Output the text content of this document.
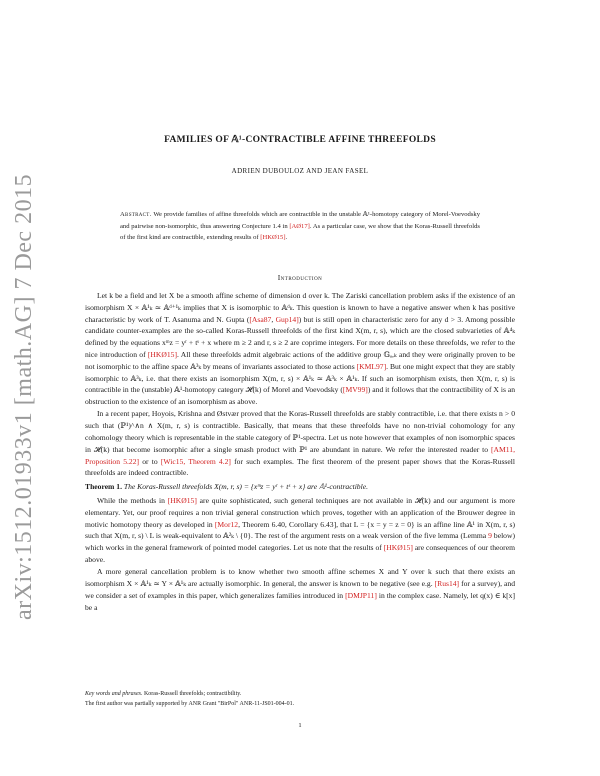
arXiv:1512.01933v1 [math.AG] 7 Dec 2015
FAMILIES OF 𝔸¹-CONTRACTIBLE AFFINE THREEFOLDS
ADRIEN DUBOULOZ AND JEAN FASEL
Abstract. We provide families of affine threefolds which are contractible in the unstable 𝔸¹-homotopy category of Morel-Voevodsky and pairwise non-isomorphic, thus answering Conjecture 1.4 in [AØ17]. As a particular case, we show that the Koras-Russell threefolds of the first kind are contractible, extending results of [HKØ15].
Introduction

Let k be a field and let X be a smooth affine scheme of dimension d over k. The Zariski cancellation problem asks if the existence of an isomorphism X × 𝔸¹ₖ ≃ 𝔸ᵈ⁺¹ₖ implies that X is isomorphic to 𝔸ᵈₖ. This question is known to have a negative answer when k has positive characteristic by work of T. Asanuma and N. Gupta ([Asa87, Gup14]) but is still open in characteristic zero for any d > 3. Among possible candidate counter-examples are the so-called Koras-Russell threefolds of the first kind X(m, r, s), which are the closed subvarieties of 𝔸⁴ₖ defined by the equations xᵐz = yʳ + tˢ + x where m ≥ 2 and r, s ≥ 2 are coprime integers. For more details on these threefolds, we refer to the nice introduction of [HKØ15]. All these threefolds admit algebraic actions of the additive group 𝔾ₐ,ₖ and they were originally proven to be not isomorphic to the affine space 𝔸³ₖ by means of invariants associated to those actions [KML97]. But one might expect that they are stably isomorphic to 𝔸³ₖ, i.e. that there exists an isomorphism X(m, r, s) × 𝔸¹ₖ ≃ 𝔸³ₖ × 𝔸¹ₖ. If such an isomorphism exists, then X(m, r, s) is contractible in the (unstable) 𝔸¹-homotopy category 𝓗(k) of Morel and Voevodsky ([MV99]) and it follows that the contractibility of X is an obstruction to the existence of an isomorphism as above.

In a recent paper, Hoyois, Krishna and Østvær proved that the Koras-Russell threefolds are stably contractible, i.e. that there exists n > 0 such that (ℙ¹)^∧n ∧ X(m, r, s) is contractible. Basically, that means that these threefolds have no non-trivial cohomology for any cohomology theory which is representable in the stable category of ℙ¹-spectra. Let us note however that examples of non isomorphic spaces in 𝓗(k) that become isomorphic after a single smash product with ℙ¹ are abundant in nature. We refer the interested reader to [AM11, Proposition 5.22] or to [Wic15, Theorem 4.2] for such examples. The first theorem of the present paper shows that the Koras-Russell threefolds are indeed contractible.

Theorem 1. The Koras-Russell threefolds X(m, r, s) = {xᵐz = yʳ + tˢ + x} are 𝔸¹-contractible.

While the methods in [HKØ15] are quite sophisticated, such general techniques are not available in 𝓗(k) and our argument is more elementary. Yet, our proof requires a non trivial general construction which proves, together with an application of the Brouwer degree in motivic homotopy theory as developed in [Mor12, Theorem 6.40, Corollary 6.43], that L = {x = y = z = 0} is an affine line 𝔸¹ in X(m, r, s) such that X(m, r, s) \ L is weak-equivalent to 𝔸²ₖ \ {0}. The rest of the argument rests on a weak version of the five lemma (Lemma 9 below) which works in the general framework of pointed model categories. Let us note that the results of [HKØ15] are consequences of our theorem above.

A more general cancellation problem is to know whether two smooth affine schemes X and Y over k such that there exists an isomorphism X × 𝔸¹ₖ ≃ Y × 𝔸¹ₖ are actually isomorphic. In general, the answer is known to be negative (see e.g. [Rus14] for a survey), and we consider a set of examples in this paper, which generalizes families introduced in [DMJP11] in the complex case. Namely, let q(x) ∈ k[x] be a

Key words and phrases. Koras-Russell threefolds; contractibility.
The first author was partially supported by ANR Grant "BirPol" ANR-11-JS01-004-01.
1
